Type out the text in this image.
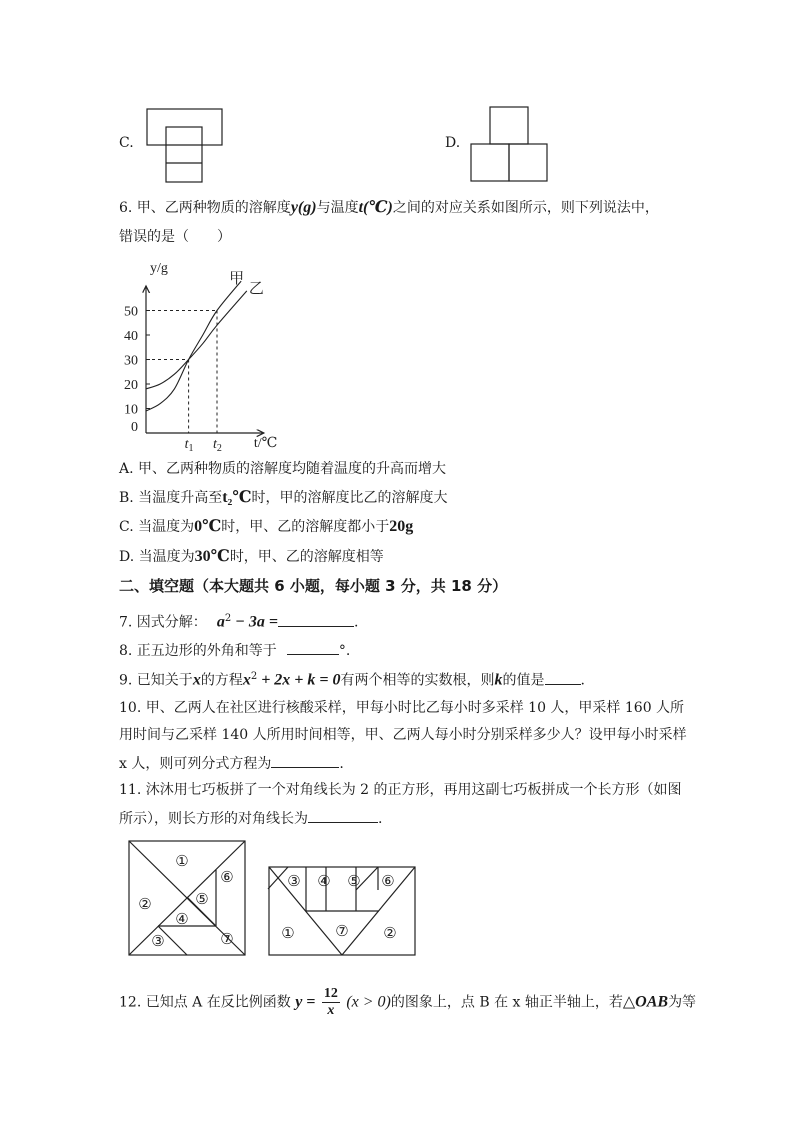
C.	D.
6. 甲、乙两种物质的溶解度y(g)与温度t(℃)之间的对应关系如图所示，则下列说法中，
错误的是（　　）
0
10
20
30
40
50
y/g
t/℃
$t_1$ $t_2$
甲
乙
A. 甲、乙两种物质的溶解度均随着温度的升高而增大
B. 当温度升高至t₂℃时，甲的溶解度比乙的溶解度大
C. 当温度为0℃时，甲、乙的溶解度都小于20g
D. 当温度为30℃时，甲、乙的溶解度相等
二、填空题（本大题共 6 小题，每小题 3 分，共 18 分）
7. 因式分解： $a^2 - 3a$ =	.
8. 正五边形的外角和等于	°.
9. 已知关于x的方程$x^2 + 2x + k = 0$有两个相等的实数根，则k的值是	.
10. 甲、乙两人在社区进行核酸采样，甲每小时比乙每小时多采样 10 人，甲采样 160 人所
用时间与乙采样 140 人所用时间相等，甲、乙两人每小时分别采样多少人？设甲每小时采样
x 人，则可列分式方程为	.
11. 沐沐用七巧板拼了一个对角线长为 2 的正方形，再用这副七巧板拼成一个长方形（如图
所示），则长方形的对角线长为	.
①
②
③
④
⑤
⑥
⑦
③ ④ ⑤ ⑥
①	⑦ ②
12. 已知点 A 在反比例函数 $y = \frac{12}{x} (x > 0)$的图象上，点 B 在 x 轴正半轴上，若△OAB为等
